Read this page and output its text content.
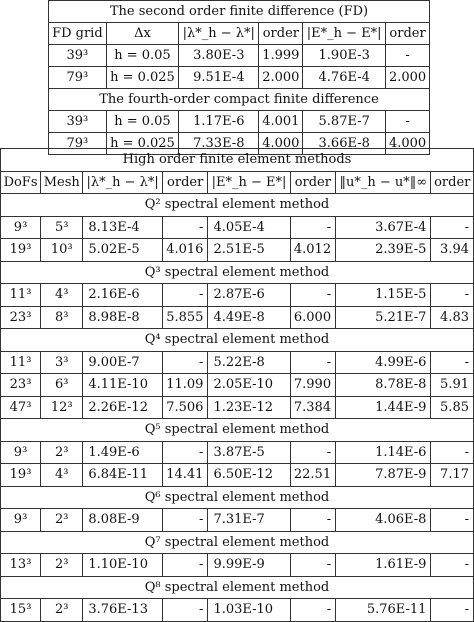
The second order finite difference (FD)					
FD grid	Δx	|λ*_h − λ*|	order	|E*_h − E*|	order
39³	h = 0.05	3.80E-3	1.999	1.90E-3	-
79³	h = 0.025	9.51E-4	2.000	4.76E-4	2.000
The fourth-order compact finite difference					
39³	h = 0.05	1.17E-6	4.001	5.87E-7	-
79³	h = 0.025	7.33E-8	4.000	3.66E-8	4.000
High order finite element methods							
DoFs	Mesh	|λ*_h − λ*|	order	|E*_h − E*|	order	‖u*_h − u*‖∞	order
Q² spectral element method							
9³	5³	8.13E-4	-	4.05E-4	-	3.67E-4	-
19³	10³	5.02E-5	4.016	2.51E-5	4.012	2.39E-5	3.94
Q³ spectral element method							
11³	4³	2.16E-6	-	2.87E-6	-	1.15E-5	-
23³	8³	8.98E-8	5.855	4.49E-8	6.000	5.21E-7	4.83
Q⁴ spectral element method							
11³	3³	9.00E-7	-	5.22E-8	-	4.99E-6	-
23³	6³	4.11E-10	11.09	2.05E-10	7.990	8.78E-8	5.91
47³	12³	2.26E-12	7.506	1.23E-12	7.384	1.44E-9	5.85
Q⁵ spectral element method							
9³	2³	1.49E-6	-	3.87E-5	-	1.14E-6	-
19³	4³	6.84E-11	14.41	6.50E-12	22.51	7.87E-9	7.17
Q⁶ spectral element method							
9³	2³	8.08E-9	-	7.31E-7	-	4.06E-8	-
Q⁷ spectral element method							
13³	2³	1.10E-10	-	9.99E-9	-	1.61E-9	-
Q⁸ spectral element method							
15³	2³	3.76E-13	-	1.03E-10	-	5.76E-11	-
